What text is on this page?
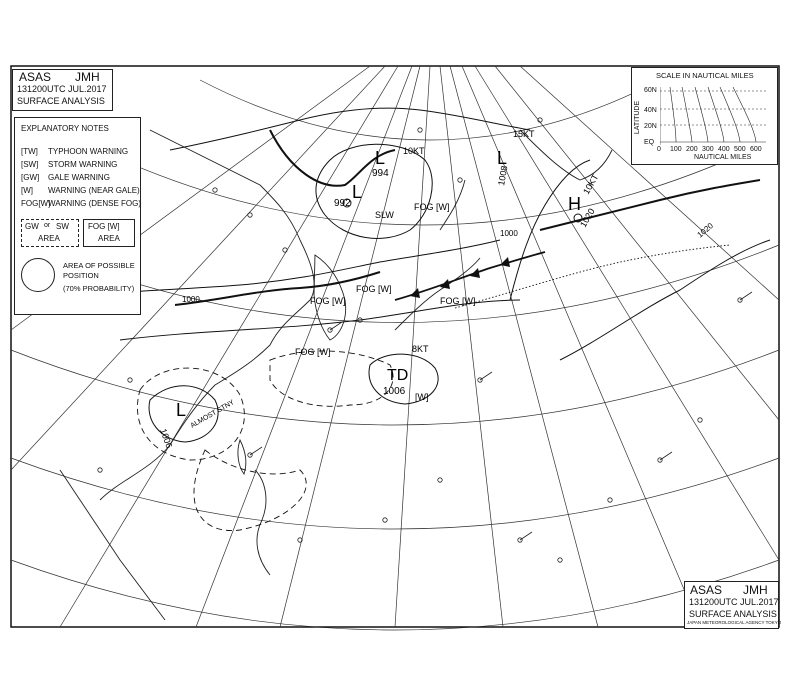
1000
1000	1020
L
994
10KT
L
992
SLW
L
1008
15KT
H
1020
10KT
L
1006
ALMOST STNY
TD
1006 [W]
8KT
FOG [W]
FOG [W]
FOG [W]	FOG [W]
FOG [W]
ASAS JMH
131200UTC JUL.2017
SURFACE ANALYSIS
EXPLANATORY NOTES
[TW] TYPHOON WARNING
[SW] STORM WARNING
[GW] GALE WARNING
[W] WARNING (NEAR GALE)
FOG[W]
WARNING (DENSE FOG)
GW or SW
AREA
FOG [W]
AREA
AREA OF POSSIBLE
POSITION
(70% PROBABILITY)
SCALE IN NAUTICAL MILES
LATITUDE
60N
40N
20N
EQ
0 100 200 300 400 500 600
NAUTICAL MILES
ASAS JMH
131200UTC JUL.2017
SURFACE ANALYSIS
JAPAN METEOROLOGICAL AGENCY TOKYO
